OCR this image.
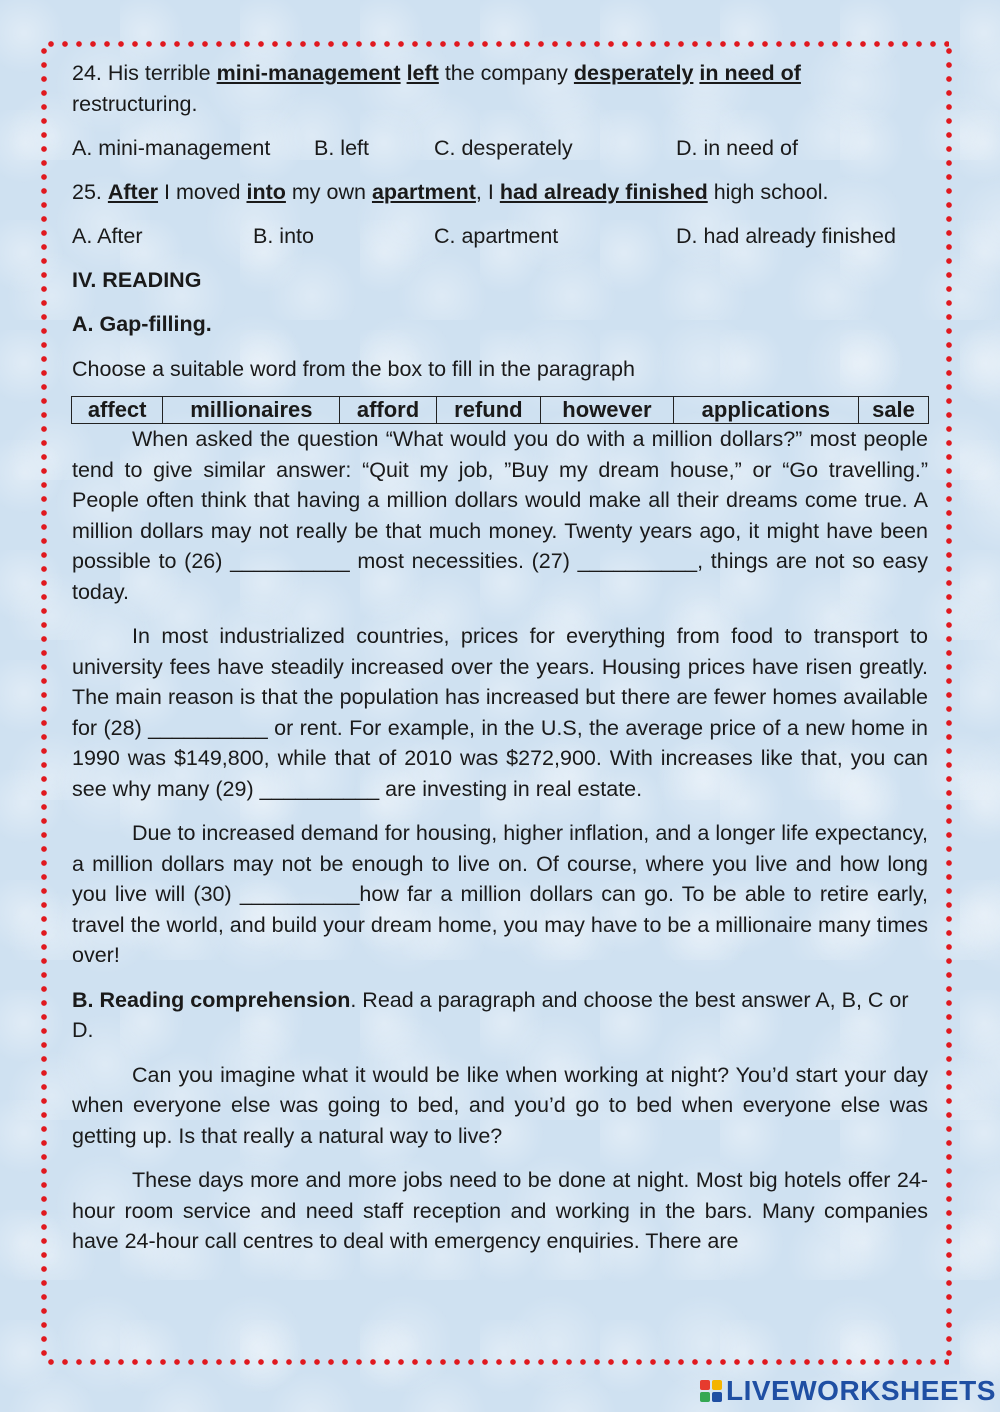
24. His terrible mini-management left the company desperately in need of restructuring.

A. mini-management	B. left	C. desperately	D. in need of

25. After I moved into my own apartment, I had already finished high school.

A. After	B. into	C. apartment	D. had already finished

IV. READING

A. Gap-filling.

Choose a suitable word from the box to fill in the paragraph

affect	millionaires	afford	refund	however	applications	sale

When asked the question “What would you do with a million dollars?” most people tend to give similar answer: “Quit my job, ”Buy my dream house,” or “Go travelling.” People often think that having a million dollars would make all their dreams come true. A million dollars may not really be that much money. Twenty years ago, it might have been possible to (26) __________ most necessities. (27) __________, things are not so easy today.

In most industrialized countries, prices for everything from food to transport to university fees have steadily increased over the years. Housing prices have risen greatly. The main reason is that the population has increased but there are fewer homes available for (28) __________ or rent. For example, in the U.S, the average price of a new home in 1990 was $149,800, while that of 2010 was $272,900. With increases like that, you can see why many (29) __________ are investing in real estate.

Due to increased demand for housing, higher inflation, and a longer life expectancy, a million dollars may not be enough to live on. Of course, where you live and how long you live will (30) __________how far a million dollars can go. To be able to retire early, travel the world, and build your dream home, you may have to be a millionaire many times over!

B. Reading comprehension. Read a paragraph and choose the best answer A, B, C or D.

Can you imagine what it would be like when working at night? You’d start your day when everyone else was going to bed, and you’d go to bed when everyone else was getting up. Is that really a natural way to live?

These days more and more jobs need to be done at night. Most big hotels offer 24-hour room service and need staff reception and working in the bars. Many companies have 24-hour call centres to deal with emergency enquiries. There are

LIVEWORKSHEETS
